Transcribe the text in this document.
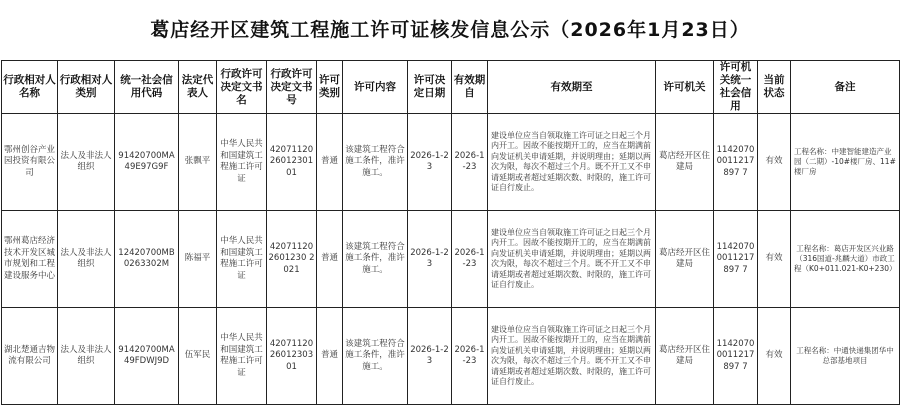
葛店经开区建筑工程施工许可证核发信息公示（2026年1月23日）
行政相对人名称	行政相对人类别	统一社会信用代码	法定代表人	行政许可决定文书名	行政许可决定文书号	许可类别	许可内容	许可决定日期	有效期自	有效期至	许可机关	许可机关统一社会信用	当前状态	备注
鄂州创谷产业园投资有限公司	法人及非法人组织	91420700MA49E97G9F	张飘平	中华人民共和国建筑工程施工许可证	420711202601230101	普通	该建筑工程符合施工条件，准许施工。	2026-1-23	2026-1-23	建设单位应当自领取施工许可证之日起三个月内开工。因故不能按期开工的，应当在期满前向发证机关申请延期，并说明理由；延期以两次为限，每次不超过三个月。既不开工又不申请延期或者超过延期次数、时限的，施工许可证自行废止。	葛店经开区住建局	11420700011217897 7	有效	工程名称：中建智能建造产业园（二期）-10#楼厂房、11#楼厂房
鄂州葛店经济技术开发区城市规划和工程建设服务中心	法人及非法人组织	12420700MB0263302M	陈福平	中华人民共和国建筑工程施工许可证	420711202601230 2021	普通	该建筑工程符合施工条件，准许施工。	2026-1-23	2026-1-23	建设单位应当自领取施工许可证之日起三个月内开工。因故不能按期开工的，应当在期满前向发证机关申请延期，并说明理由；延期以两次为限，每次不超过三个月。既不开工又不申请延期或者超过延期次数、时限的，施工许可证自行废止。	葛店经开区住建局	11420700011217897 7	有效	工程名称：葛店开发区兴业路（316国道-兆麟大道）市政工程（K0+011.021-K0+230）
湖北楚通吉物流有限公司	法人及非法人组织	91420700MA49FDWJ9D	伍军民	中华人民共和国建筑工程施工许可证	420711202601230301	普通	该建筑工程符合施工条件，准许施工。	2026-1-23	2026-1-23	建设单位应当自领取施工许可证之日起三个月内开工。因故不能按期开工的，应当在期满前向发证机关申请延期，并说明理由；延期以两次为限，每次不超过三个月。既不开工又不申请延期或者超过延期次数、时限的，施工许可证自行废止。	葛店经开区住建局	11420700011217897 7	有效	工程名称：中通快递集团华中总部基地项目
